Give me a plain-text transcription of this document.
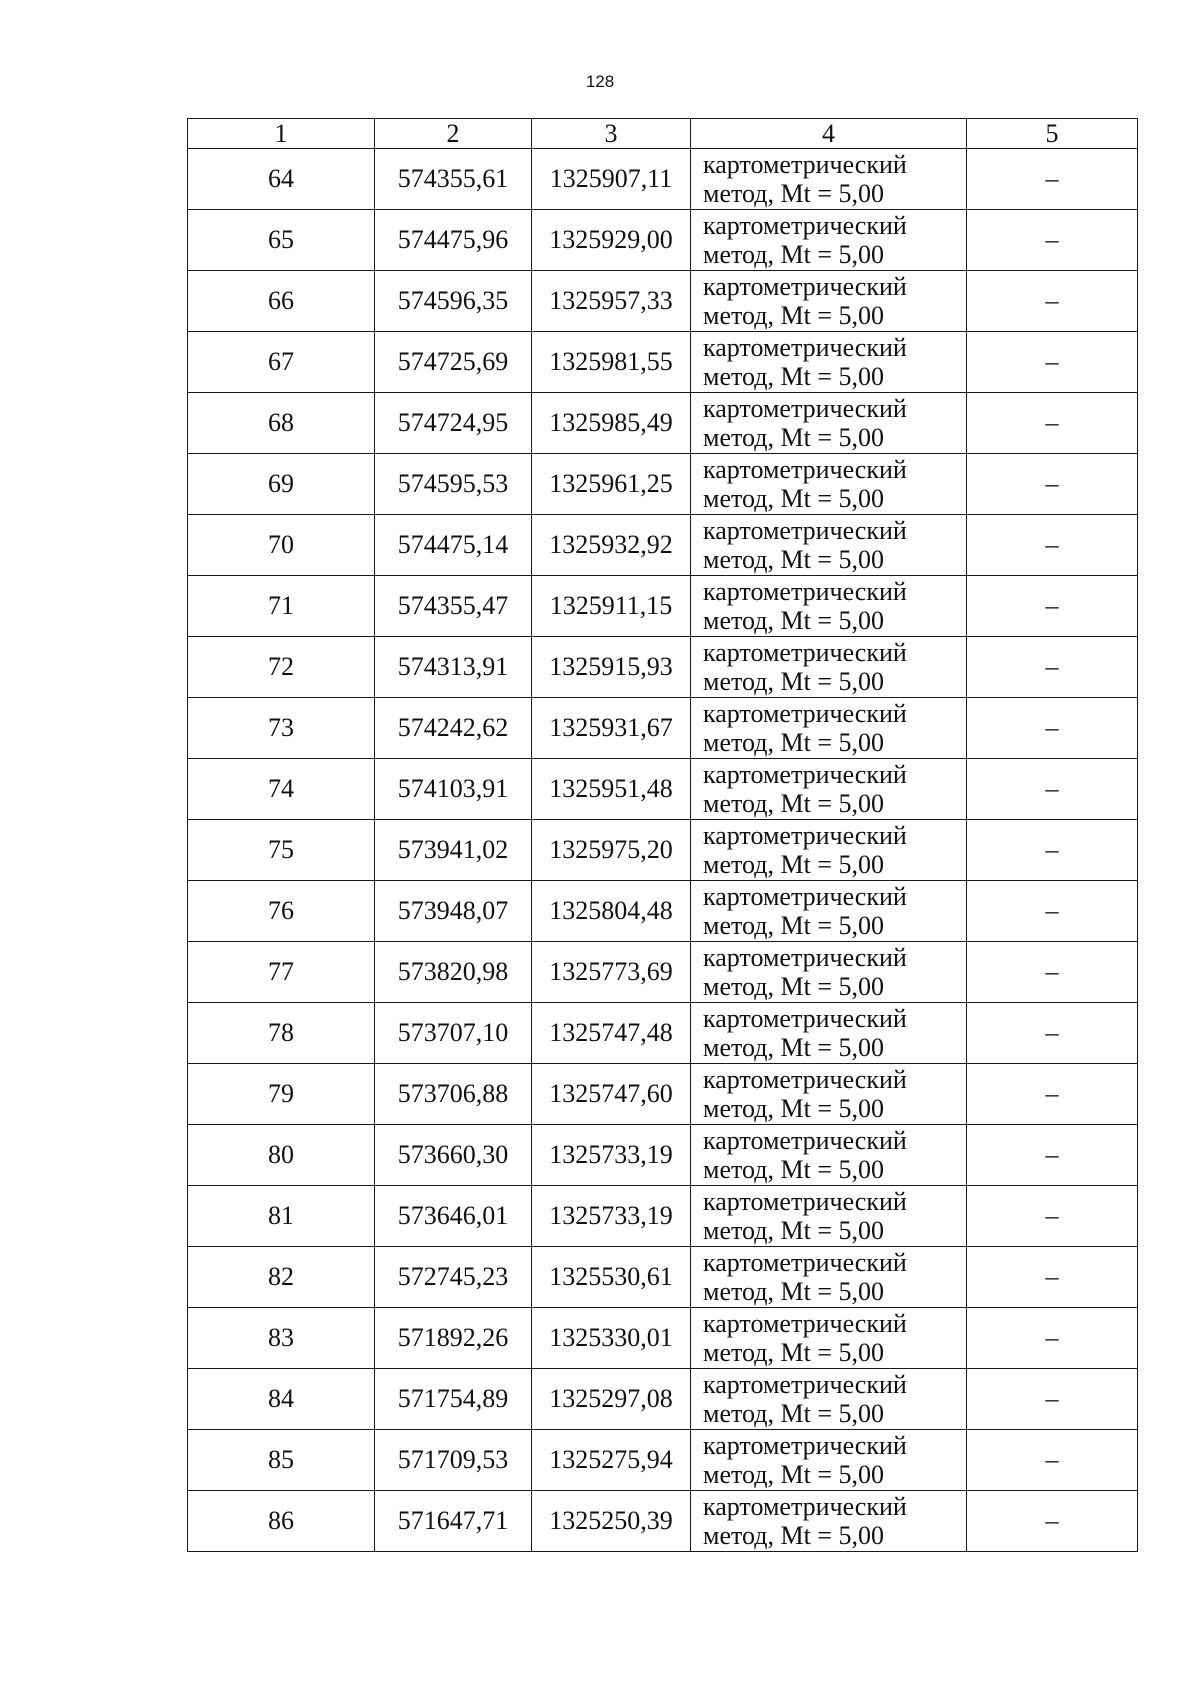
128
1	2	3	4	5
64	574355,61	1325907,11	картометрический
метод, Mt = 5,00	–
65	574475,96	1325929,00	картометрический
метод, Mt = 5,00	–
66	574596,35	1325957,33	картометрический
метод, Mt = 5,00	–
67	574725,69	1325981,55	картометрический
метод, Mt = 5,00	–
68	574724,95	1325985,49	картометрический
метод, Mt = 5,00	–
69	574595,53	1325961,25	картометрический
метод, Mt = 5,00	–
70	574475,14	1325932,92	картометрический
метод, Mt = 5,00	–
71	574355,47	1325911,15	картометрический
метод, Mt = 5,00	–
72	574313,91	1325915,93	картометрический
метод, Mt = 5,00	–
73	574242,62	1325931,67	картометрический
метод, Mt = 5,00	–
74	574103,91	1325951,48	картометрический
метод, Mt = 5,00	–
75	573941,02	1325975,20	картометрический
метод, Mt = 5,00	–
76	573948,07	1325804,48	картометрический
метод, Mt = 5,00	–
77	573820,98	1325773,69	картометрический
метод, Mt = 5,00	–
78	573707,10	1325747,48	картометрический
метод, Mt = 5,00	–
79	573706,88	1325747,60	картометрический
метод, Mt = 5,00	–
80	573660,30	1325733,19	картометрический
метод, Mt = 5,00	–
81	573646,01	1325733,19	картометрический
метод, Mt = 5,00	–
82	572745,23	1325530,61	картометрический
метод, Mt = 5,00	–
83	571892,26	1325330,01	картометрический
метод, Mt = 5,00	–
84	571754,89	1325297,08	картометрический
метод, Mt = 5,00	–
85	571709,53	1325275,94	картометрический
метод, Mt = 5,00	–
86	571647,71	1325250,39	картометрический
метод, Mt = 5,00	–
